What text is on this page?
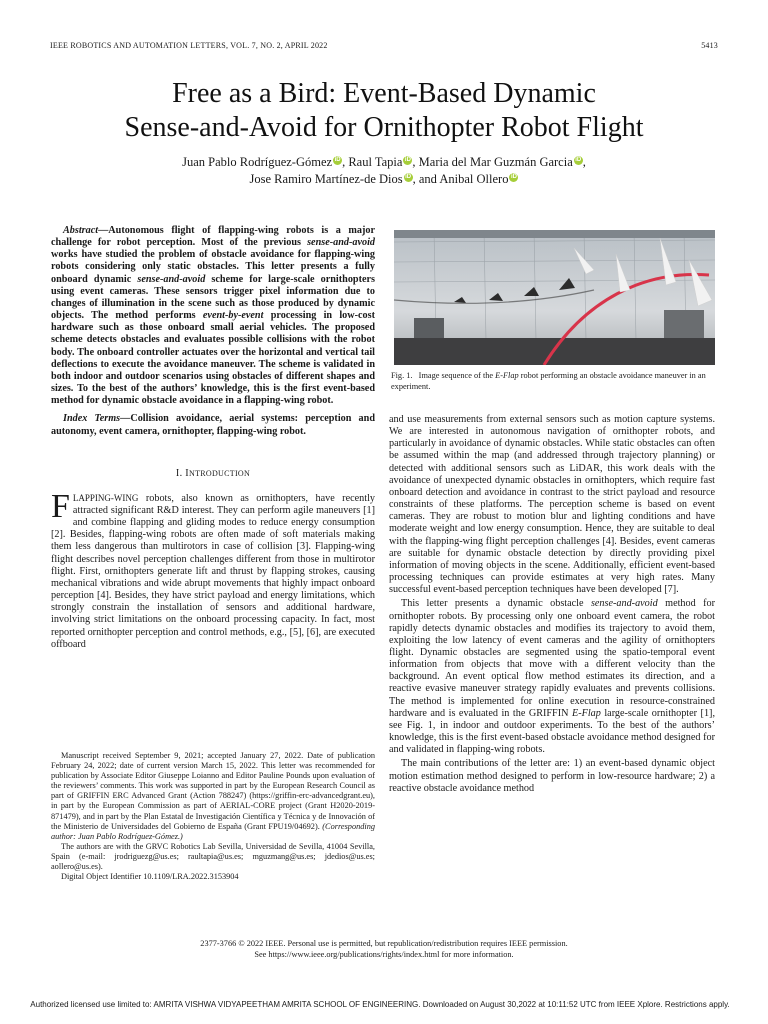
IEEE ROBOTICS AND AUTOMATION LETTERS, VOL. 7, NO. 2, APRIL 2022	5413
Free as a Bird: Event-Based Dynamic
Sense-and-Avoid for Ornithopter Robot Flight
Juan Pablo Rodríguez-Gómez iD , Raul Tapia iD , Maria del Mar Guzmán Garcia iD ,
Jose Ramiro Martínez-de Dios iD , and Anibal Ollero iD

Abstract—Autonomous flight of flapping-wing robots is a major challenge for robot perception. Most of the previous sense-and-avoid works have studied the problem of obstacle avoidance for flapping-wing robots considering only static obstacles. This letter presents a fully onboard dynamic sense-and-avoid scheme for large-scale ornithopters using event cameras. These sensors trigger pixel information due to changes of illumination in the scene such as those produced by dynamic objects. The method performs event-by-event processing in low-cost hardware such as those onboard small aerial vehicles. The proposed scheme detects obstacles and evaluates possible collisions with the robot body. The onboard controller actuates over the horizontal and vertical tail deflections to execute the avoidance maneuver. The scheme is validated in both indoor and outdoor scenarios using obstacles of different shapes and sizes. To the best of the authors’ knowledge, this is the first event-based method for dynamic obstacle avoidance in a flapping-wing robot.

Index Terms—Collision avoidance, aerial systems: perception and autonomy, event camera, ornithopter, flapping-wing robot.

I. INTRODUCTION

FLAPPING-WING robots, also known as ornithopters, have recently attracted significant R&D interest. They can perform agile maneuvers [1] and combine flapping and gliding modes to reduce energy consumption [2]. Besides, flapping-wing robots are often made of soft materials making them less dangerous than multirotors in case of collision [3]. Flapping-wing flight describes novel perception challenges different from those in multirotor flight. First, ornithopters generate lift and thrust by flapping strokes, causing mechanical vibrations and wide abrupt movements that highly impact onboard perception [4]. Besides, they have strict payload and energy limitations, which strongly constrain the installation of sensors and additional hardware, involving strict limitations on the onboard processing capacity. In fact, most reported ornithopter perception and control methods, e.g., [5], [6], are executed offboard

Manuscript received September 9, 2021; accepted January 27, 2022. Date of publication February 24, 2022; date of current version March 15, 2022. This letter was recommended for publication by Associate Editor Giuseppe Loianno and Editor Pauline Pounds upon evaluation of the reviewers’ comments. This work was supported in part by the European Research Council as part of GRIFFIN ERC Advanced Grant (Action 788247) (https://griffin-erc-advancedgrant.eu), in part by the European Commission as part of AERIAL-CORE project (Grant H2020-2019-871479), and in part by the Plan Estatal de Investigación Científica y Técnica y de Innovación of the Ministerio de Universidades del Gobierno de España (Grant FPU19/04692). (Corresponding author: Juan Pablo Rodríguez-Gómez.)

The authors are with the GRVC Robotics Lab Sevilla, Universidad de Sevilla, 41004 Sevilla, Spain (e-mail: jrodriguezg@us.es; raultapia@us.es; mguzmang@us.es; jdedios@us.es; aollero@us.es).

Digital Object Identifier 10.1109/LRA.2022.3153904

Fig. 1.   Image sequence of the E-Flap robot performing an obstacle avoidance maneuver in an experiment.

and use measurements from external sensors such as motion capture systems. We are interested in autonomous navigation of ornithopter robots, and particularly in avoidance of dynamic obstacles. While static obstacles can often be assumed within the map (and addressed through trajectory planning) or detected with additional sensors such as LiDAR, this work deals with the avoidance of unexpected dynamic obstacles in ornithopters, which require fast onboard detection and avoidance in contrast to the strict payload and resource constraints of these platforms. The perception scheme is based on event cameras. They are robust to motion blur and lighting conditions and have moderate weight and low energy consumption. Hence, they are suitable to deal with the flapping-wing flight perception challenges [4]. Besides, event cameras are suitable for dynamic obstacle detection by directly providing pixel information of moving objects in the scene. Additionally, efficient event-based processing techniques can provide estimates at very high rates. Many successful event-based perception techniques have been developed [7].

This letter presents a dynamic obstacle sense-and-avoid method for ornithopter robots. By processing only one onboard event camera, the robot rapidly detects dynamic obstacles and modifies its trajectory to avoid them, exploiting the low latency of event cameras and the agility of ornithopters flight. Dynamic obstacles are segmented using the spatio-temporal event information from objects that move with a different velocity than the background. An event optical flow method estimates its direction, and a reactive evasive maneuver strategy rapidly evaluates and prevents collisions. The method is implemented for online execution in resource-constrained hardware and is evaluated in the GRIFFIN E-Flap large-scale ornithopter [1], see Fig. 1, in indoor and outdoor experiments. To the best of the authors’ knowledge, this is the first event-based obstacle avoidance method designed for and validated in flapping-wing robots.

The main contributions of the letter are: 1) an event-based dynamic object motion estimation method designed to perform in low-resource hardware; 2) a reactive obstacle avoidance method

2377-3766 © 2022 IEEE. Personal use is permitted, but republication/redistribution requires IEEE permission.
See https://www.ieee.org/publications/rights/index.html for more information.
Authorized licensed use limited to: AMRITA VISHWA VIDYAPEETHAM AMRITA SCHOOL OF ENGINEERING. Downloaded on August 30,2022 at 10:11:52 UTC from IEEE Xplore. Restrictions apply.
